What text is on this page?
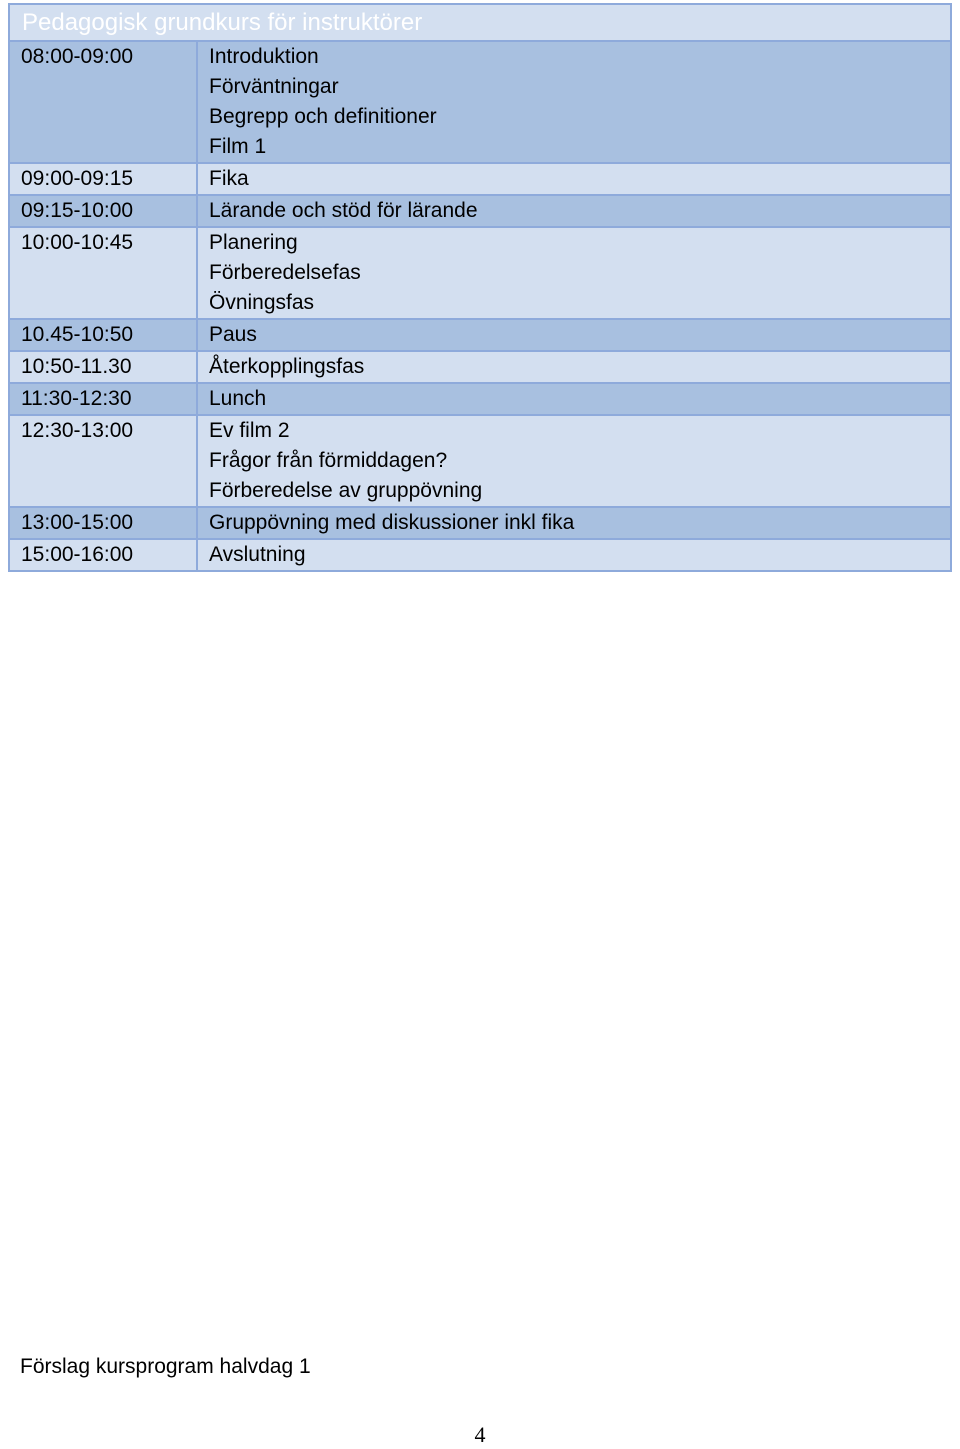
Pedagogisk grundkurs för instruktörer	
08:00-09:00	Introduktion
Förväntningar
Begrepp och definitioner
Film 1

09:00-09:15	Fika

09:15-10:00	Lärande och stöd för lärande

10:00-10:45	Planering
Förberedelsefas
Övningsfas

10.45-10:50	Paus

10:50-11.30	Återkopplingsfas

11:30-12:30	Lunch

12:30-13:00	Ev film 2
Frågor från förmiddagen?
Förberedelse av gruppövning

13:00-15:00	Gruppövning med diskussioner inkl fika

15:00-16:00	Avslutning
Förslag kursprogram halvdag 1
4
